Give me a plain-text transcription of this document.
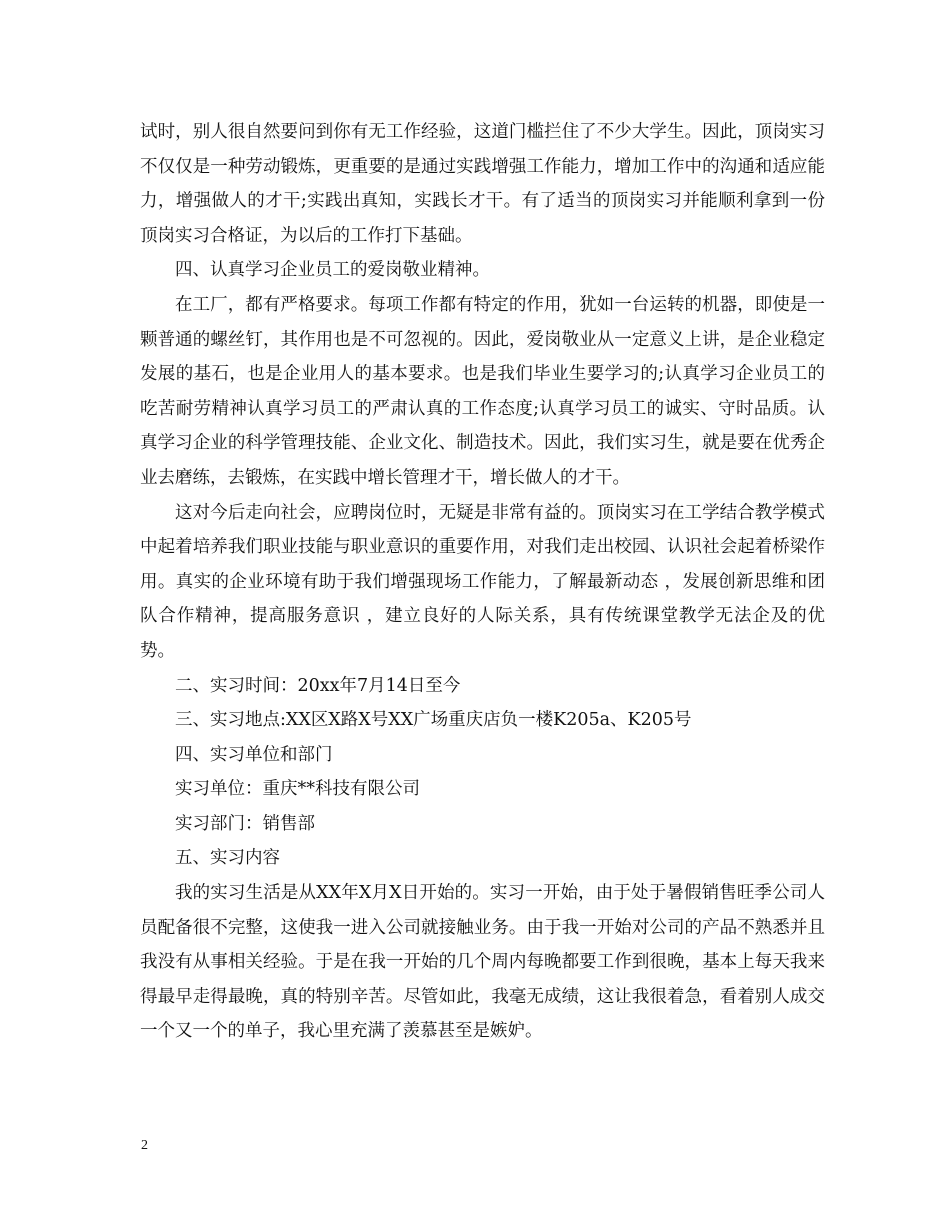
试时，别人很自然要问到你有无工作经验，这道门槛拦住了不少大学生。因此，顶岗实习不仅仅是一种劳动锻炼，更重要的是通过实践增强工作能力，增加工作中的沟通和适应能力，增强做人的才干;实践出真知，实践长才干。有了适当的顶岗实习并能顺利拿到一份顶岗实习合格证，为以后的工作打下基础。

四、认真学习企业员工的爱岗敬业精神。

在工厂，都有严格要求。每项工作都有特定的作用，犹如一台运转的机器，即使是一颗普通的螺丝钉，其作用也是不可忽视的。因此，爱岗敬业从一定意义上讲，是企业稳定发展的基石，也是企业用人的基本要求。也是我们毕业生要学习的;认真学习企业员工的吃苦耐劳精神认真学习员工的严肃认真的工作态度;认真学习员工的诚实、守时品质。认真学习企业的科学管理技能、企业文化、制造技术。因此，我们实习生，就是要在优秀企业去磨练，去锻炼，在实践中增长管理才干，增长做人的才干。

这对今后走向社会，应聘岗位时，无疑是非常有益的。顶岗实习在工学结合教学模式中起着培养我们职业技能与职业意识的重要作用，对我们走出校园、认识社会起着桥梁作用。真实的企业环境有助于我们增强现场工作能力，了解最新动态 ，发展创新思维和团队合作精神，提高服务意识 ，建立良好的人际关系，具有传统课堂教学无法企及的优势。

二、实习时间：20xx年7月14日至今

三、实习地点:XX区X路X号XX广场重庆店负一楼K205a、K205号

四、实习单位和部门

实习单位：重庆**科技有限公司

实习部门：销售部

五、实习内容

我的实习生活是从XX年X月X日开始的。实习一开始，由于处于暑假销售旺季公司人员配备很不完整，这使我一进入公司就接触业务。由于我一开始对公司的产品不熟悉并且我没有从事相关经验。于是在我一开始的几个周内每晚都要工作到很晚，基本上每天我来得最早走得最晚，真的特别辛苦。尽管如此，我毫无成绩，这让我很着急，看着别人成交一个又一个的单子，我心里充满了羡慕甚至是嫉妒。

2
